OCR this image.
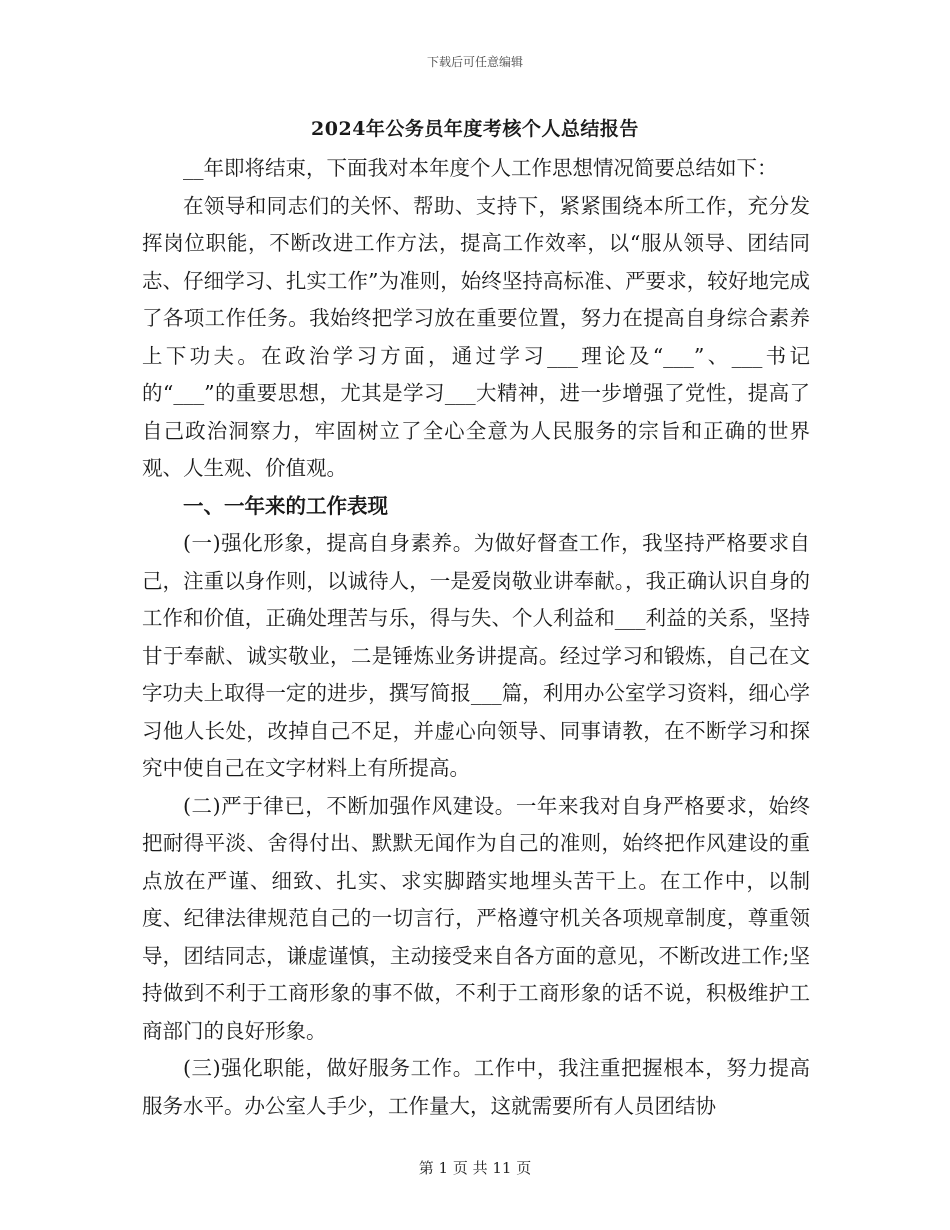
下载后可任意编辑
2024年公务员年度考核个人总结报告

__年即将结束，下面我对本年度个人工作思想情况简要总结如下：

在领导和同志们的关怀、帮助、支持下，紧紧围绕本所工作，充分发挥岗位职能，不断改进工作方法，提高工作效率，以“服从领导、团结同志、仔细学习、扎实工作”为准则，始终坚持高标准、严要求，较好地完成了各项工作任务。我始终把学习放在重要位置，努力在提高自身综合素养上下功夫。在政治学习方面，通过学习___理论及“___”、___书记的“___”的重要思想，尤其是学习___大精神，进一步增强了党性，提高了自己政治洞察力，牢固树立了全心全意为人民服务的宗旨和正确的世界观、人生观、价值观。

一、一年来的工作表现

(一)强化形象，提高自身素养。为做好督查工作，我坚持严格要求自己，注重以身作则，以诚待人，一是爱岗敬业讲奉献。，我正确认识自身的工作和价值，正确处理苦与乐，得与失、个人利益和___利益的关系，坚持甘于奉献、诚实敬业，二是锤炼业务讲提高。经过学习和锻炼，自己在文字功夫上取得一定的进步，撰写简报___篇，利用办公室学习资料，细心学习他人长处，改掉自己不足，并虚心向领导、同事请教，在不断学习和探究中使自己在文字材料上有所提高。

(二)严于律已，不断加强作风建设。一年来我对自身严格要求，始终把耐得平淡、舍得付出、默默无闻作为自己的准则，始终把作风建设的重点放在严谨、细致、扎实、求实脚踏实地埋头苦干上。在工作中，以制度、纪律法律规范自己的一切言行，严格遵守机关各项规章制度，尊重领导，团结同志，谦虚谨慎，主动接受来自各方面的意见，不断改进工作;坚持做到不利于工商形象的事不做，不利于工商形象的话不说，积极维护工商部门的良好形象。

(三)强化职能，做好服务工作。工作中，我注重把握根本，努力提高服务水平。办公室人手少，工作量大，这就需要所有人员团结协

第 1 页 共 11 页
